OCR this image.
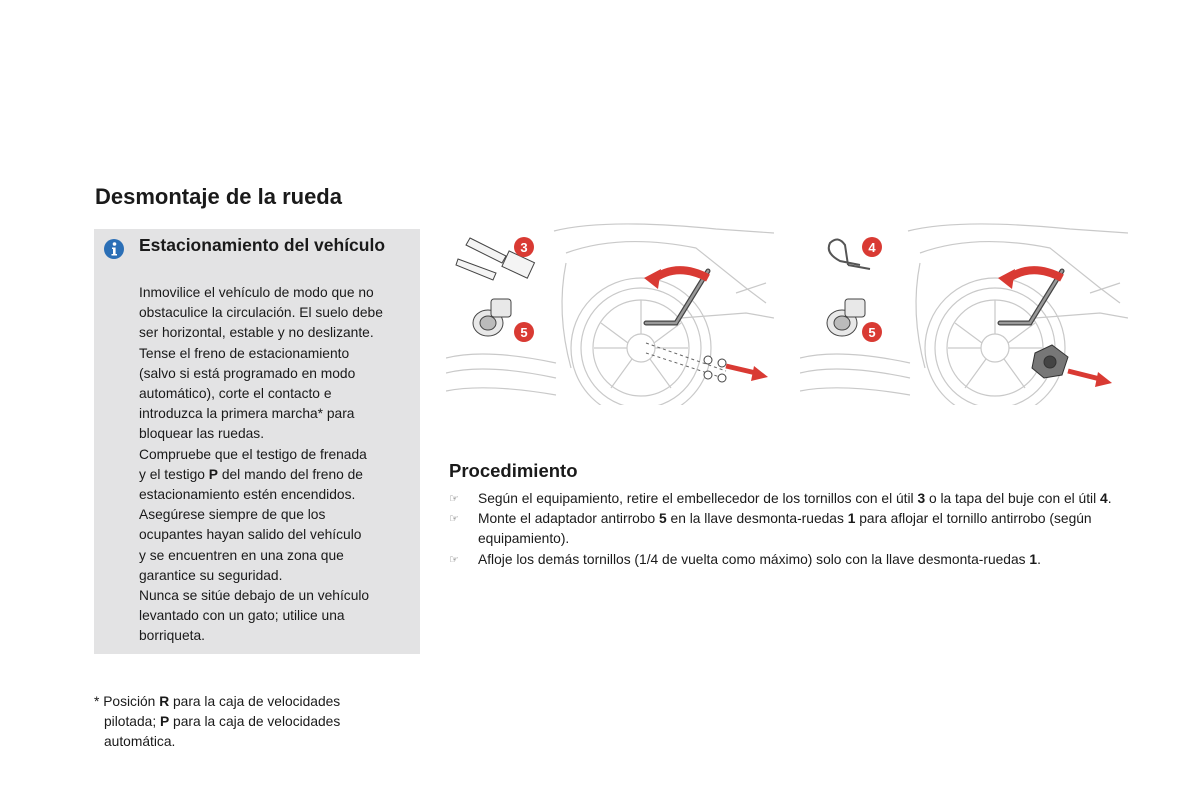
Desmontaje de la rueda
Estacionamiento del vehículo

Inmovilice el vehículo de modo que no

obstaculice la circulación. El suelo debe

ser horizontal, estable y no deslizante.

Tense el freno de estacionamiento

(salvo si está programado en modo

automático), corte el contacto e

introduzca la primera marcha* para

bloquear las ruedas.

Compruebe que el testigo de frenada

y el testigo P del mando del freno de

estacionamiento estén encendidos.

Asegúrese siempre de que los

ocupantes hayan salido del vehículo

y se encuentren en una zona que

garantice su seguridad.

Nunca se sitúe debajo de un vehículo

levantado con un gato; utilice una

borriqueta.

* Posición R para la caja de velocidades
pilotada; P para la caja de velocidades
automática.
3
5
4
5
Procedimiento
☞ Según el equipamiento, retire el embellecedor de los tornillos con el útil 3 o la tapa del buje con el útil 4.
☞ Monte el adaptador antirrobo 5 en la llave desmonta-ruedas 1 para aflojar el tornillo antirrobo (según equipamiento).
☞ Afloje los demás tornillos (1/4 de vuelta como máximo) solo con la llave desmonta-ruedas 1.
